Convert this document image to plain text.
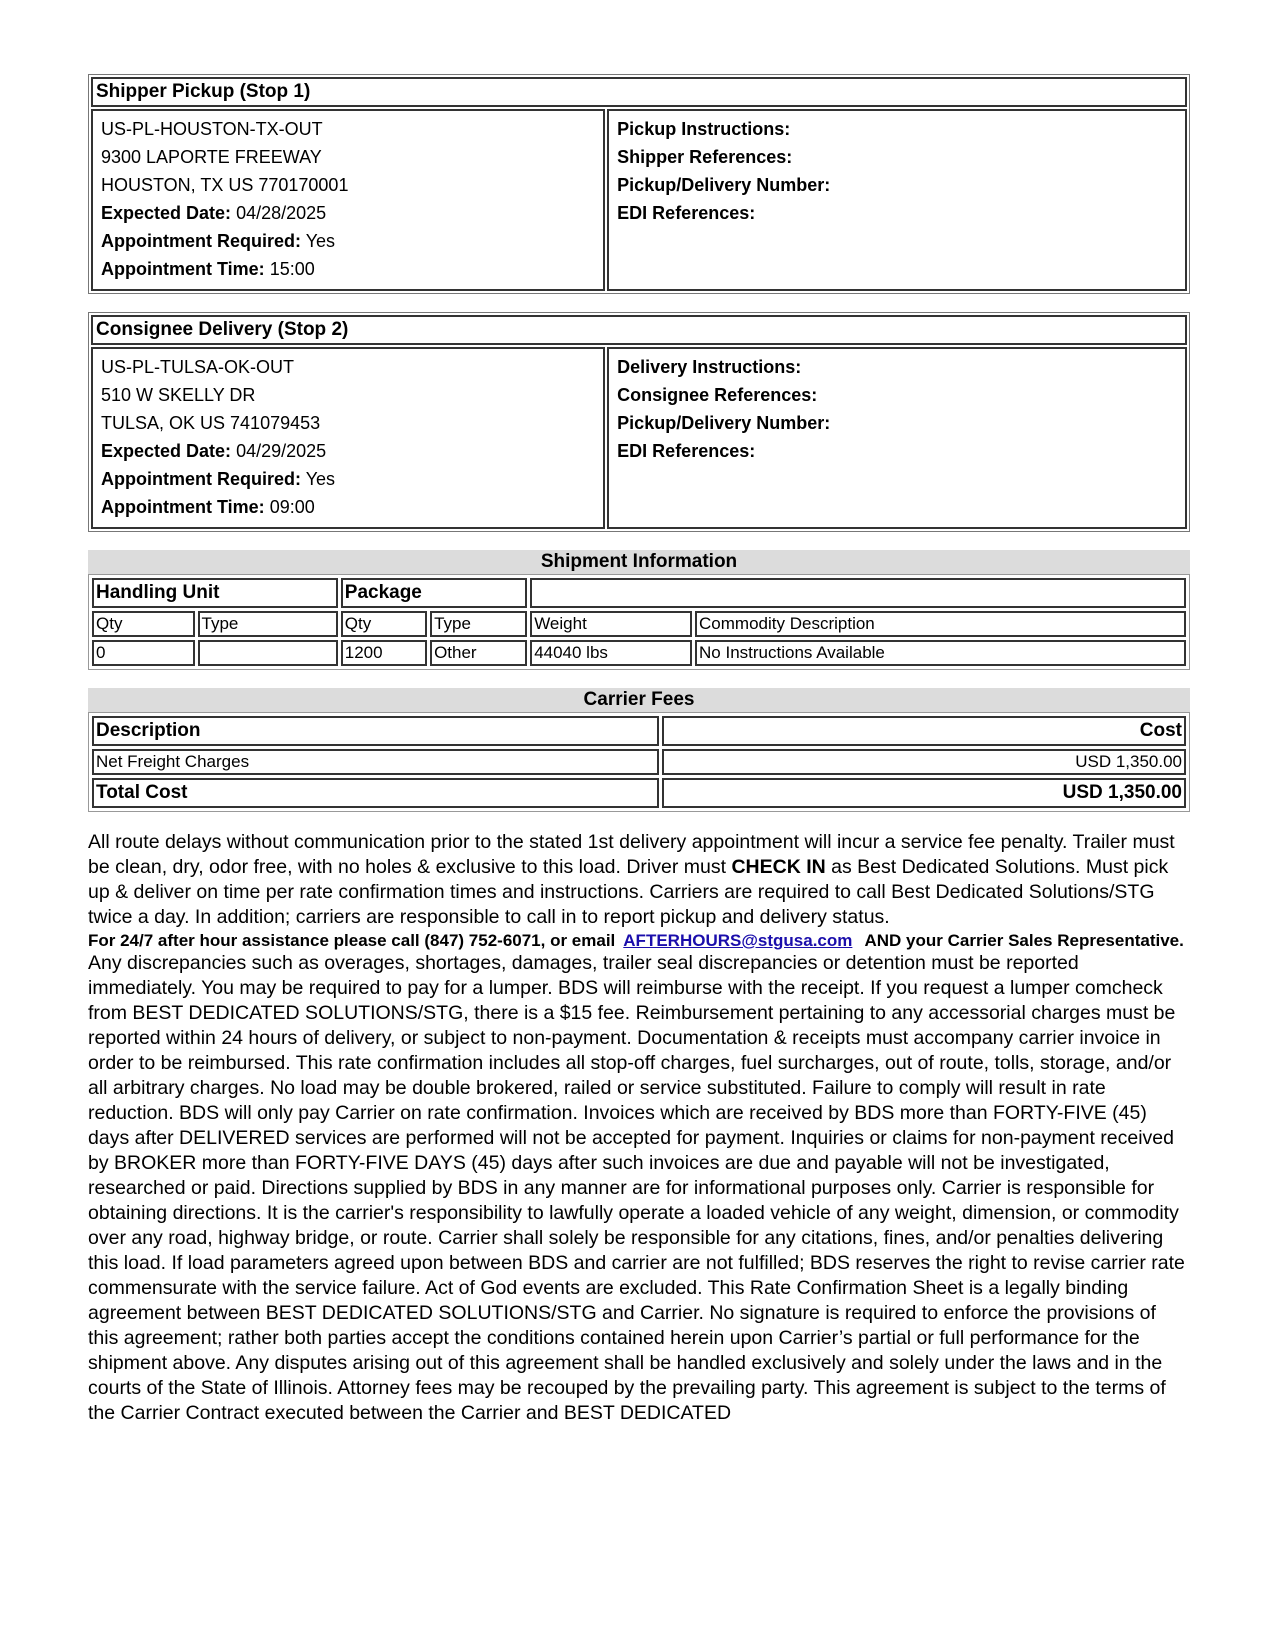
Shipper Pickup (Stop 1)

US-PL-HOUSTON-TX-OUT
9300 LAPORTE FREEWAY
HOUSTON, TX US 770170001
Expected Date: 04/28/2025
Appointment Required: Yes
Appointment Time: 15:00

Pickup Instructions:
Shipper References:
Pickup/Delivery Number:
EDI References:
Consignee Delivery (Stop 2)

US-PL-TULSA-OK-OUT
510 W SKELLY DR
TULSA, OK US 741079453
Expected Date: 04/29/2025
Appointment Required: Yes
Appointment Time: 09:00

Delivery Instructions:
Consignee References:
Pickup/Delivery Number:
EDI References:
Shipment Information
Handling Unit		Package			
Qty	Type	Qty	Type	Weight	Commodity Description
0		1200	Other	44040 lbs	No Instructions Available
Carrier Fees
Description	Cost
Net Freight Charges	USD 1,350.00
Total Cost	USD 1,350.00

All route delays without communication prior to the stated 1st delivery appointment will incur a service fee penalty. Trailer must be clean, dry, odor free, with no holes & exclusive to this load. Driver must CHECK IN as Best Dedicated Solutions. Must pick up & deliver on time per rate confirmation times and instructions. Carriers are required to call Best Dedicated Solutions/STG twice a day. In addition; carriers are responsible to call in to report pickup and delivery status.

For 24/7 after hour assistance please call (847) 752-6071, or email AFTERHOURS@stgusa.com AND your Carrier Sales Representative.

Any discrepancies such as overages, shortages, damages, trailer seal discrepancies or detention must be reported immediately. You may be required to pay for a lumper. BDS will reimburse with the receipt. If you request a lumper comcheck from BEST DEDICATED SOLUTIONS/STG, there is a $15 fee. Reimbursement pertaining to any accessorial charges must be reported within 24 hours of delivery, or subject to non-payment. Documentation & receipts must accompany carrier invoice in order to be reimbursed. This rate confirmation includes all stop-off charges, fuel surcharges, out of route, tolls, storage, and/or all arbitrary charges. No load may be double brokered, railed or service substituted. Failure to comply will result in rate reduction. BDS will only pay Carrier on rate confirmation. Invoices which are received by BDS more than FORTY-FIVE (45) days after DELIVERED services are performed will not be accepted for payment. Inquiries or claims for non-payment received by BROKER more than FORTY-FIVE DAYS (45) days after such invoices are due and payable will not be investigated, researched or paid. Directions supplied by BDS in any manner are for informational purposes only. Carrier is responsible for obtaining directions. It is the carrier's responsibility to lawfully operate a loaded vehicle of any weight, dimension, or commodity over any road, highway bridge, or route. Carrier shall solely be responsible for any citations, fines, and/or penalties delivering this load. If load parameters agreed upon between BDS and carrier are not fulfilled; BDS reserves the right to revise carrier rate commensurate with the service failure. Act of God events are excluded. This Rate Confirmation Sheet is a legally binding agreement between BEST DEDICATED SOLUTIONS/STG and Carrier. No signature is required to enforce the provisions of this agreement; rather both parties accept the conditions contained herein upon Carrier’s partial or full performance for the shipment above. Any disputes arising out of this agreement shall be handled exclusively and solely under the laws and in the courts of the State of Illinois. Attorney fees may be recouped by the prevailing party. This agreement is subject to the terms of the Carrier Contract executed between the Carrier and BEST DEDICATED
